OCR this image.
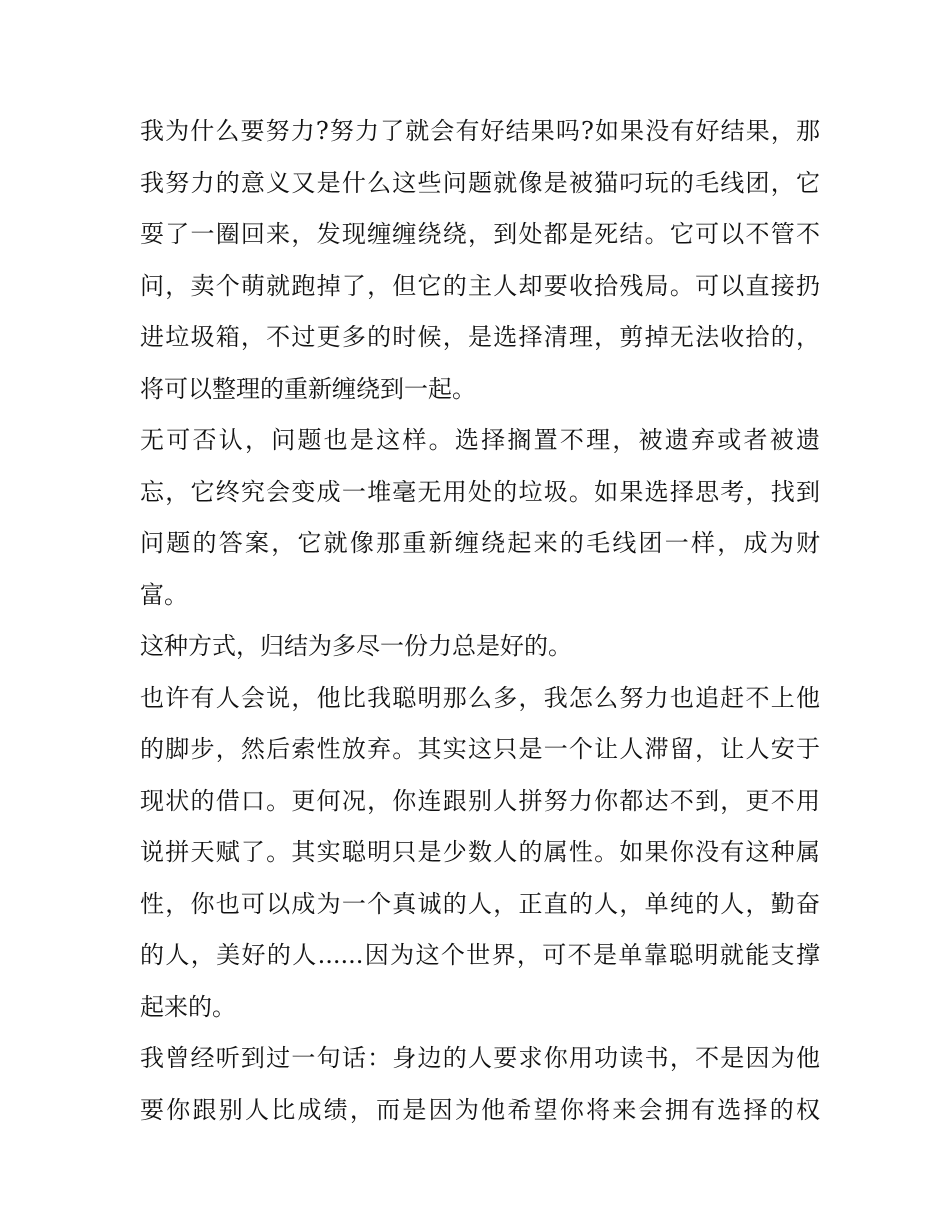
我为什么要努力?努力了就会有好结果吗?如果没有好结果，那
我努力的意义又是什么这些问题就像是被猫叼玩的毛线团，它
耍了一圈回来，发现缠缠绕绕，到处都是死结。它可以不管不
问，卖个萌就跑掉了，但它的主人却要收拾残局。可以直接扔
进垃圾箱，不过更多的时候，是选择清理，剪掉无法收拾的，
将可以整理的重新缠绕到一起。
无可否认，问题也是这样。选择搁置不理，被遗弃或者被遗
忘，它终究会变成一堆毫无用处的垃圾。如果选择思考，找到
问题的答案，它就像那重新缠绕起来的毛线团一样，成为财
富。
这种方式，归结为多尽一份力总是好的。
也许有人会说，他比我聪明那么多，我怎么努力也追赶不上他
的脚步，然后索性放弃。其实这只是一个让人滞留，让人安于
现状的借口。更何况，你连跟别人拼努力你都达不到，更不用
说拼天赋了。其实聪明只是少数人的属性。如果你没有这种属
性，你也可以成为一个真诚的人，正直的人，单纯的人，勤奋
的人，美好的人......因为这个世界，可不是单靠聪明就能支撑
起来的。
我曾经听到过一句话：身边的人要求你用功读书，不是因为他
要你跟别人比成绩，而是因为他希望你将来会拥有选择的权
